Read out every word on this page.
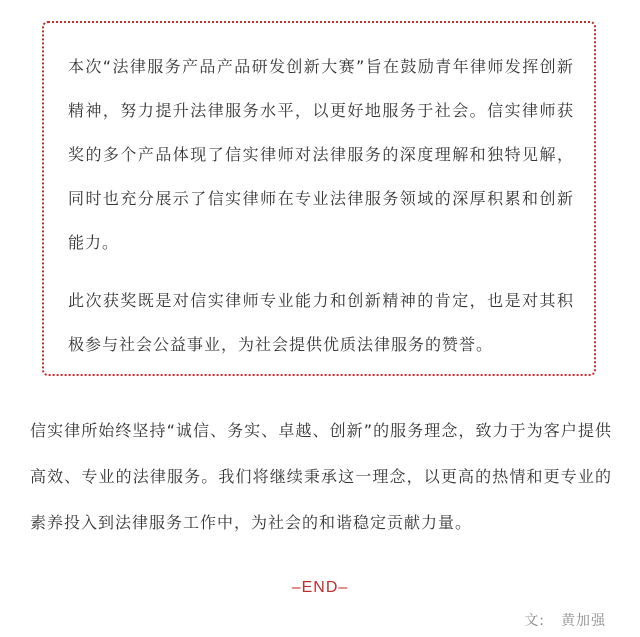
本次“法律服务产品产品研发创新大赛”旨在鼓励青年律师发挥创新精神，努力提升法律服务水平，以更好地服务于社会。信实律师获奖的多个产品体现了信实律师对法律服务的深度理解和独特见解，同时也充分展示了信实律师在专业法律服务领域的深厚积累和创新能力。

此次获奖既是对信实律师专业能力和创新精神的肯定，也是对其积极参与社会公益事业，为社会提供优质法律服务的赞誉。

信实律所始终坚持“诚信、务实、卓越、创新”的服务理念，致力于为客户提供高效、专业的法律服务。我们将继续秉承这一理念，以更高的热情和更专业的素养投入到法律服务工作中，为社会的和谐稳定贡献力量。

–END–
文: 黄加强
